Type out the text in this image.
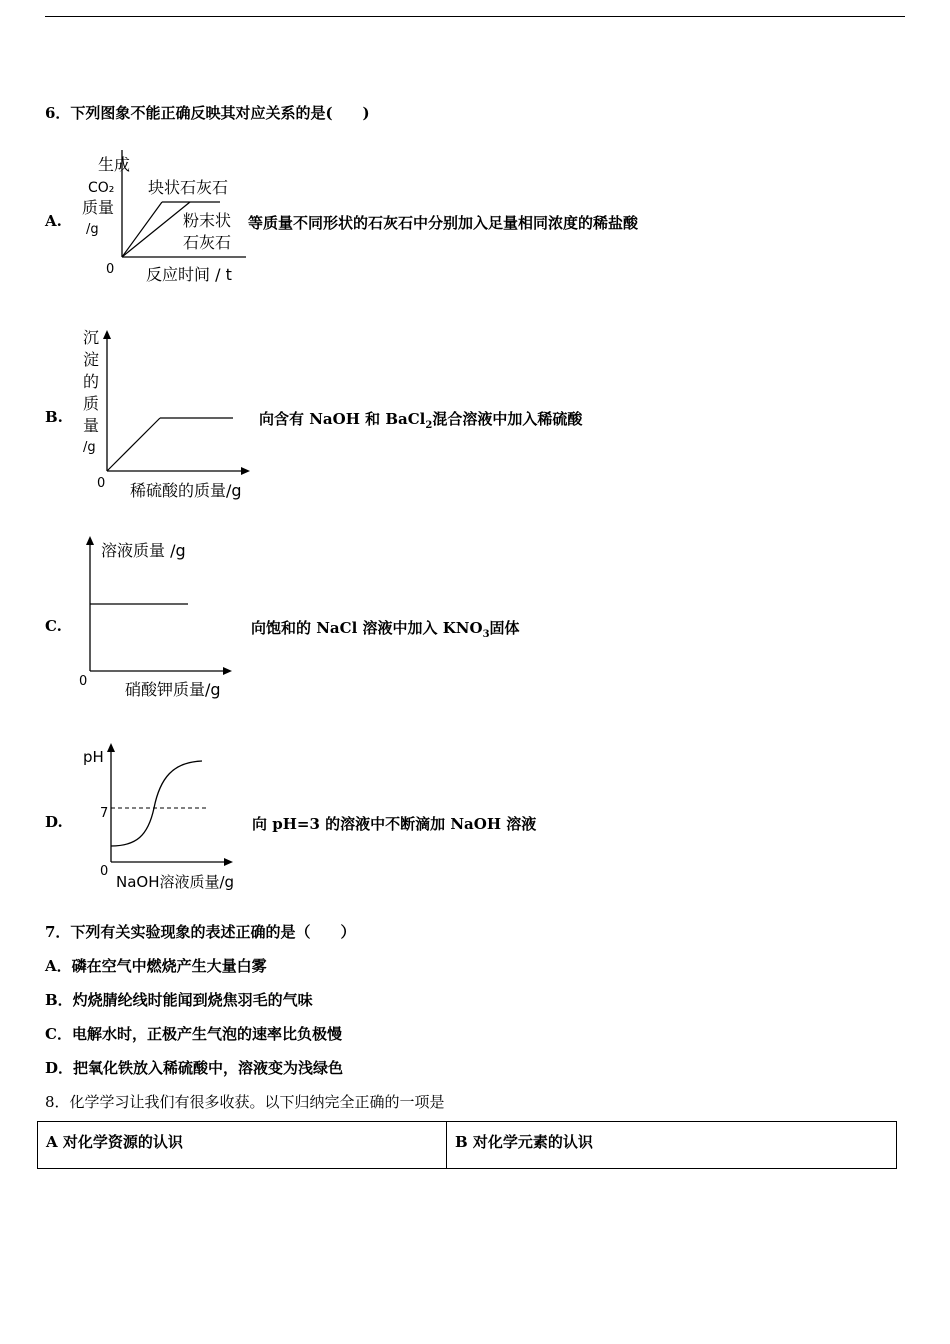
6．下列图象不能正确反映其对应关系的是(　　)
A.
生成
CO₂
质量
/g
块状石灰石
粉末状
石灰石
0 反应时间 / t
等质量不同形状的石灰石中分别加入足量相同浓度的稀盐酸
B.
沉
淀
的
质
量
/g
0 稀硫酸的质量/g
向含有 NaOH 和 BaCl$_2$混合溶液中加入稀硫酸
C.
溶液质量 /g
0 硝酸钾质量/g
向饱和的 NaCl 溶液中加入 $KNO_3$固体
D.
pH
7
0
NaOH溶液质量/g
向 pH=3 的溶液中不断滴加 NaOH 溶液
7．下列有关实验现象的表述正确的是（　　）
A．磷在空气中燃烧产生大量白雾
B．灼烧腈纶线时能闻到烧焦羽毛的气味
C．电解水时，正极产生气泡的速率比负极慢
D．把氧化铁放入稀硫酸中，溶液变为浅绿色
8．化学学习让我们有很多收获。以下归纳完全正确的一项是
A 对化学资源的认识	B 对化学元素的认识
